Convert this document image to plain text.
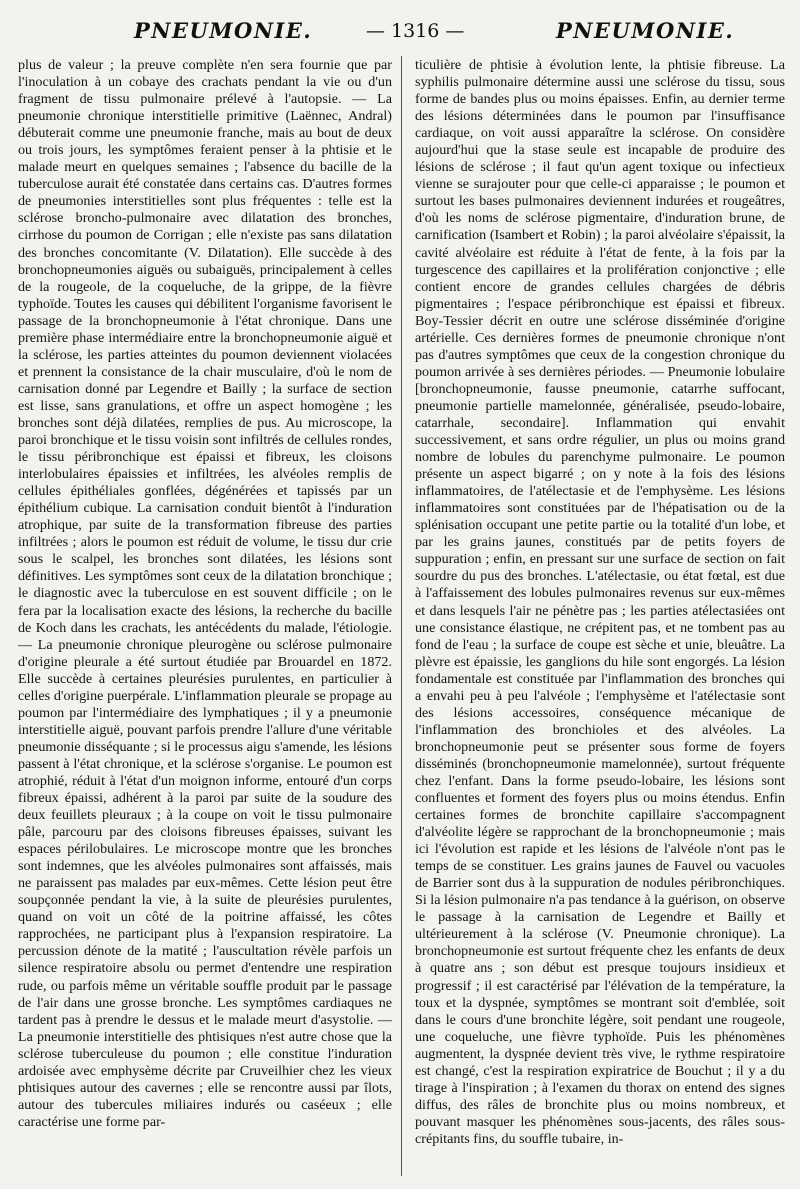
PNEUMONIE.	— 1316 —	PNEUMONIE.

plus de valeur ; la preuve complète n'en sera fournie que par l'inoculation à un cobaye des crachats pendant la vie ou d'un fragment de tissu pulmonaire prélevé à l'autopsie. — La pneumonie chronique interstitielle primitive (Laënnec, Andral) débuterait comme une pneumonie franche, mais au bout de deux ou trois jours, les symptômes feraient penser à la phtisie et le malade meurt en quelques semaines ; l'absence du bacille de la tuberculose aurait été constatée dans certains cas. D'autres formes de pneumonies interstitielles sont plus fréquentes : telle est la sclérose broncho-pulmonaire avec dilatation des bronches, cirrhose du poumon de Corrigan ; elle n'existe pas sans dilatation des bronches concomitante (V. Dilatation). Elle succède à des bronchopneumonies aiguës ou subaiguës, principalement à celles de la rougeole, de la coqueluche, de la grippe, de la fièvre typhoïde. Toutes les causes qui débilitent l'organisme favorisent le passage de la bronchopneumonie à l'état chronique. Dans une première phase intermédiaire entre la bronchopneumonie aiguë et la sclérose, les parties atteintes du poumon deviennent violacées et prennent la consistance de la chair musculaire, d'où le nom de carnisation donné par Legendre et Bailly ; la surface de section est lisse, sans granulations, et offre un aspect homogène ; les bronches sont déjà dilatées, remplies de pus. Au microscope, la paroi bronchique et le tissu voisin sont infiltrés de cellules rondes, le tissu péribronchique est épaissi et fibreux, les cloisons interlobulaires épaissies et infiltrées, les alvéoles remplis de cellules épithéliales gonflées, dégénérées et tapissés par un épithélium cubique. La carnisation conduit bientôt à l'induration atrophique, par suite de la transformation fibreuse des parties infiltrées ; alors le poumon est réduit de volume, le tissu dur crie sous le scalpel, les bronches sont dilatées, les lésions sont définitives. Les symptômes sont ceux de la dilatation bronchique ; le diagnostic avec la tuberculose en est souvent difficile ; on le fera par la localisation exacte des lésions, la recherche du bacille de Koch dans les crachats, les antécédents du malade, l'étiologie. — La pneumonie chronique pleurogène ou sclérose pulmonaire d'origine pleurale a été surtout étudiée par Brouardel en 1872. Elle succède à certaines pleurésies purulentes, en particulier à celles d'origine puerpérale. L'inflammation pleurale se propage au poumon par l'intermédiaire des lymphatiques ; il y a pneumonie interstitielle aiguë, pouvant parfois prendre l'allure d'une véritable pneumonie disséquante ; si le processus aigu s'amende, les lésions passent à l'état chronique, et la sclérose s'organise. Le poumon est atrophié, réduit à l'état d'un moignon informe, entouré d'un corps fibreux épaissi, adhérent à la paroi par suite de la soudure des deux feuillets pleuraux ; à la coupe on voit le tissu pulmonaire pâle, parcouru par des cloisons fibreuses épaisses, suivant les espaces périlobulaires. Le microscope montre que les bronches sont indemnes, que les alvéoles pulmonaires sont affaissés, mais ne paraissent pas malades par eux-mêmes. Cette lésion peut être soupçonnée pendant la vie, à la suite de pleurésies purulentes, quand on voit un côté de la poitrine affaissé, les côtes rapprochées, ne participant plus à l'expansion respiratoire. La percussion dénote de la matité ; l'auscultation révèle parfois un silence respiratoire absolu ou permet d'entendre une respiration rude, ou parfois même un véritable souffle produit par le passage de l'air dans une grosse bronche. Les symptômes cardiaques ne tardent pas à prendre le dessus et le malade meurt d'asystolie. — La pneumonie interstitielle des phtisiques n'est autre chose que la sclérose tuberculeuse du poumon ; elle constitue l'induration ardoisée avec emphysème décrite par Cruveilhier chez les vieux phtisiques autour des cavernes ; elle se rencontre aussi par îlots, autour des tubercules miliaires indurés ou caséeux ; elle caractérise une forme par-

ticulière de phtisie à évolution lente, la phtisie fibreuse. La syphilis pulmonaire détermine aussi une sclérose du tissu, sous forme de bandes plus ou moins épaisses. Enfin, au dernier terme des lésions déterminées dans le poumon par l'insuffisance cardiaque, on voit aussi apparaître la sclérose. On considère aujourd'hui que la stase seule est incapable de produire des lésions de sclérose ; il faut qu'un agent toxique ou infectieux vienne se surajouter pour que celle-ci apparaisse ; le poumon et surtout les bases pulmonaires deviennent indurées et rougeâtres, d'où les noms de sclérose pigmentaire, d'induration brune, de carnification (Isambert et Robin) ; la paroi alvéolaire s'épaissit, la cavité alvéolaire est réduite à l'état de fente, à la fois par la turgescence des capillaires et la prolifération conjonctive ; elle contient encore de grandes cellules chargées de débris pigmentaires ; l'espace péribronchique est épaissi et fibreux. Boy-Tessier décrit en outre une sclérose disséminée d'origine artérielle. Ces dernières formes de pneumonie chronique n'ont pas d'autres symptômes que ceux de la congestion chronique du poumon arrivée à ses dernières périodes. — Pneumonie lobulaire [bronchopneumonie, fausse pneumonie, catarrhe suffocant, pneumonie partielle mamelonnée, généralisée, pseudo-lobaire, catarrhale, secondaire]. Inflammation qui envahit successivement, et sans ordre régulier, un plus ou moins grand nombre de lobules du parenchyme pulmonaire. Le poumon présente un aspect bigarré ; on y note à la fois des lésions inflammatoires, de l'atélectasie et de l'emphysème. Les lésions inflammatoires sont constituées par de l'hépatisation ou de la splénisation occupant une petite partie ou la totalité d'un lobe, et par les grains jaunes, constitués par de petits foyers de suppuration ; enfin, en pressant sur une surface de section on fait sourdre du pus des bronches. L'atélectasie, ou état fœtal, est due à l'affaissement des lobules pulmonaires revenus sur eux-mêmes et dans lesquels l'air ne pénètre pas ; les parties atélectasiées ont une consistance élastique, ne crépitent pas, et ne tombent pas au fond de l'eau ; la surface de coupe est sèche et unie, bleuâtre. La plèvre est épaissie, les ganglions du hile sont engorgés. La lésion fondamentale est constituée par l'inflammation des bronches qui a envahi peu à peu l'alvéole ; l'emphysème et l'atélectasie sont des lésions accessoires, conséquence mécanique de l'inflammation des bronchioles et des alvéoles. La bronchopneumonie peut se présenter sous forme de foyers disséminés (bronchopneumonie mamelonnée), surtout fréquente chez l'enfant. Dans la forme pseudo-lobaire, les lésions sont confluentes et forment des foyers plus ou moins étendus. Enfin certaines formes de bronchite capillaire s'accompagnent d'alvéolite légère se rapprochant de la bronchopneumonie ; mais ici l'évolution est rapide et les lésions de l'alvéole n'ont pas le temps de se constituer. Les grains jaunes de Fauvel ou vacuoles de Barrier sont dus à la suppuration de nodules péribronchiques. Si la lésion pulmonaire n'a pas tendance à la guérison, on observe le passage à la carnisation de Legendre et Bailly et ultérieurement à la sclérose (V. Pneumonie chronique). La bronchopneumonie est surtout fréquente chez les enfants de deux à quatre ans ; son début est presque toujours insidieux et progressif ; il est caractérisé par l'élévation de la température, la toux et la dyspnée, symptômes se montrant soit d'emblée, soit dans le cours d'une bronchite légère, soit pendant une rougeole, une coqueluche, une fièvre typhoïde. Puis les phénomènes augmentent, la dyspnée devient très vive, le rythme respiratoire est changé, c'est la respiration expiratrice de Bouchut ; il y a du tirage à l'inspiration ; à l'examen du thorax on entend des signes diffus, des râles de bronchite plus ou moins nombreux, et pouvant masquer les phénomènes sous-jacents, des râles sous-crépitants fins, du souffle tubaire, in-
